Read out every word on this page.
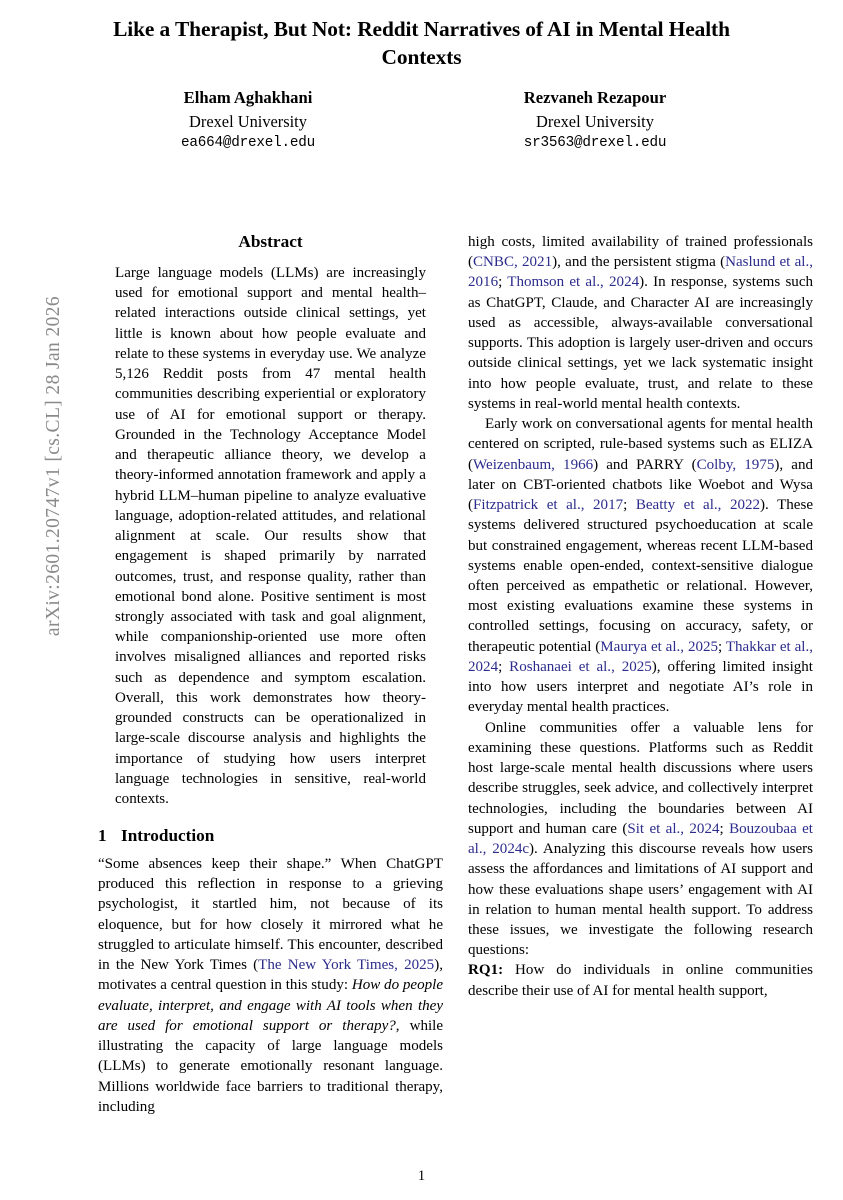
arXiv:2601.20747v1 [cs.CL] 28 Jan 2026
Like a Therapist, But Not: Reddit Narratives of AI in Mental Health Contexts
Elham Aghakhani
Drexel University
ea664@drexel.edu
Rezvaneh Rezapour
Drexel University
sr3563@drexel.edu
Abstract

Large language models (LLMs) are increasingly used for emotional support and mental health–related interactions outside clinical settings, yet little is known about how people evaluate and relate to these systems in everyday use. We analyze 5,126 Reddit posts from 47 mental health communities describing experiential or exploratory use of AI for emotional support or therapy. Grounded in the Technology Acceptance Model and therapeutic alliance theory, we develop a theory-informed annotation framework and apply a hybrid LLM–human pipeline to analyze evaluative language, adoption-related attitudes, and relational alignment at scale. Our results show that engagement is shaped primarily by narrated outcomes, trust, and response quality, rather than emotional bond alone. Positive sentiment is most strongly associated with task and goal alignment, while companionship-oriented use more often involves misaligned alliances and reported risks such as dependence and symptom escalation. Overall, this work demonstrates how theory-grounded constructs can be operationalized in large-scale discourse analysis and highlights the importance of studying how users interpret language technologies in sensitive, real-world contexts.

1 Introduction

“Some absences keep their shape.” When ChatGPT produced this reflection in response to a grieving psychologist, it startled him, not because of its eloquence, but for how closely it mirrored what he struggled to articulate himself. This encounter, described in the New York Times (The New York Times, 2025), motivates a central question in this study: How do people evaluate, interpret, and engage with AI tools when they are used for emotional support or therapy?, while illustrating the capacity of large language models (LLMs) to generate emotionally resonant language. Millions worldwide face barriers to traditional therapy, including

high costs, limited availability of trained professionals (CNBC, 2021), and the persistent stigma (Naslund et al., 2016; Thomson et al., 2024). In response, systems such as ChatGPT, Claude, and Character AI are increasingly used as accessible, always-available conversational supports. This adoption is largely user-driven and occurs outside clinical settings, yet we lack systematic insight into how people evaluate, trust, and relate to these systems in real-world mental health contexts.

Early work on conversational agents for mental health centered on scripted, rule-based systems such as ELIZA (Weizenbaum, 1966) and PARRY (Colby, 1975), and later on CBT-oriented chatbots like Woebot and Wysa (Fitzpatrick et al., 2017; Beatty et al., 2022). These systems delivered structured psychoeducation at scale but constrained engagement, whereas recent LLM-based systems enable open-ended, context-sensitive dialogue often perceived as empathetic or relational. However, most existing evaluations examine these systems in controlled settings, focusing on accuracy, safety, or therapeutic potential (Maurya et al., 2025; Thakkar et al., 2024; Roshanaei et al., 2025), offering limited insight into how users interpret and negotiate AI’s role in everyday mental health practices.

Online communities offer a valuable lens for examining these questions. Platforms such as Reddit host large-scale mental health discussions where users describe struggles, seek advice, and collectively interpret technologies, including the boundaries between AI support and human care (Sit et al., 2024; Bouzoubaa et al., 2024c). Analyzing this discourse reveals how users assess the affordances and limitations of AI support and how these evaluations shape users’ engagement with AI in relation to human mental health support. To address these issues, we investigate the following research questions:

RQ1: How do individuals in online communities describe their use of AI for mental health support,

1
